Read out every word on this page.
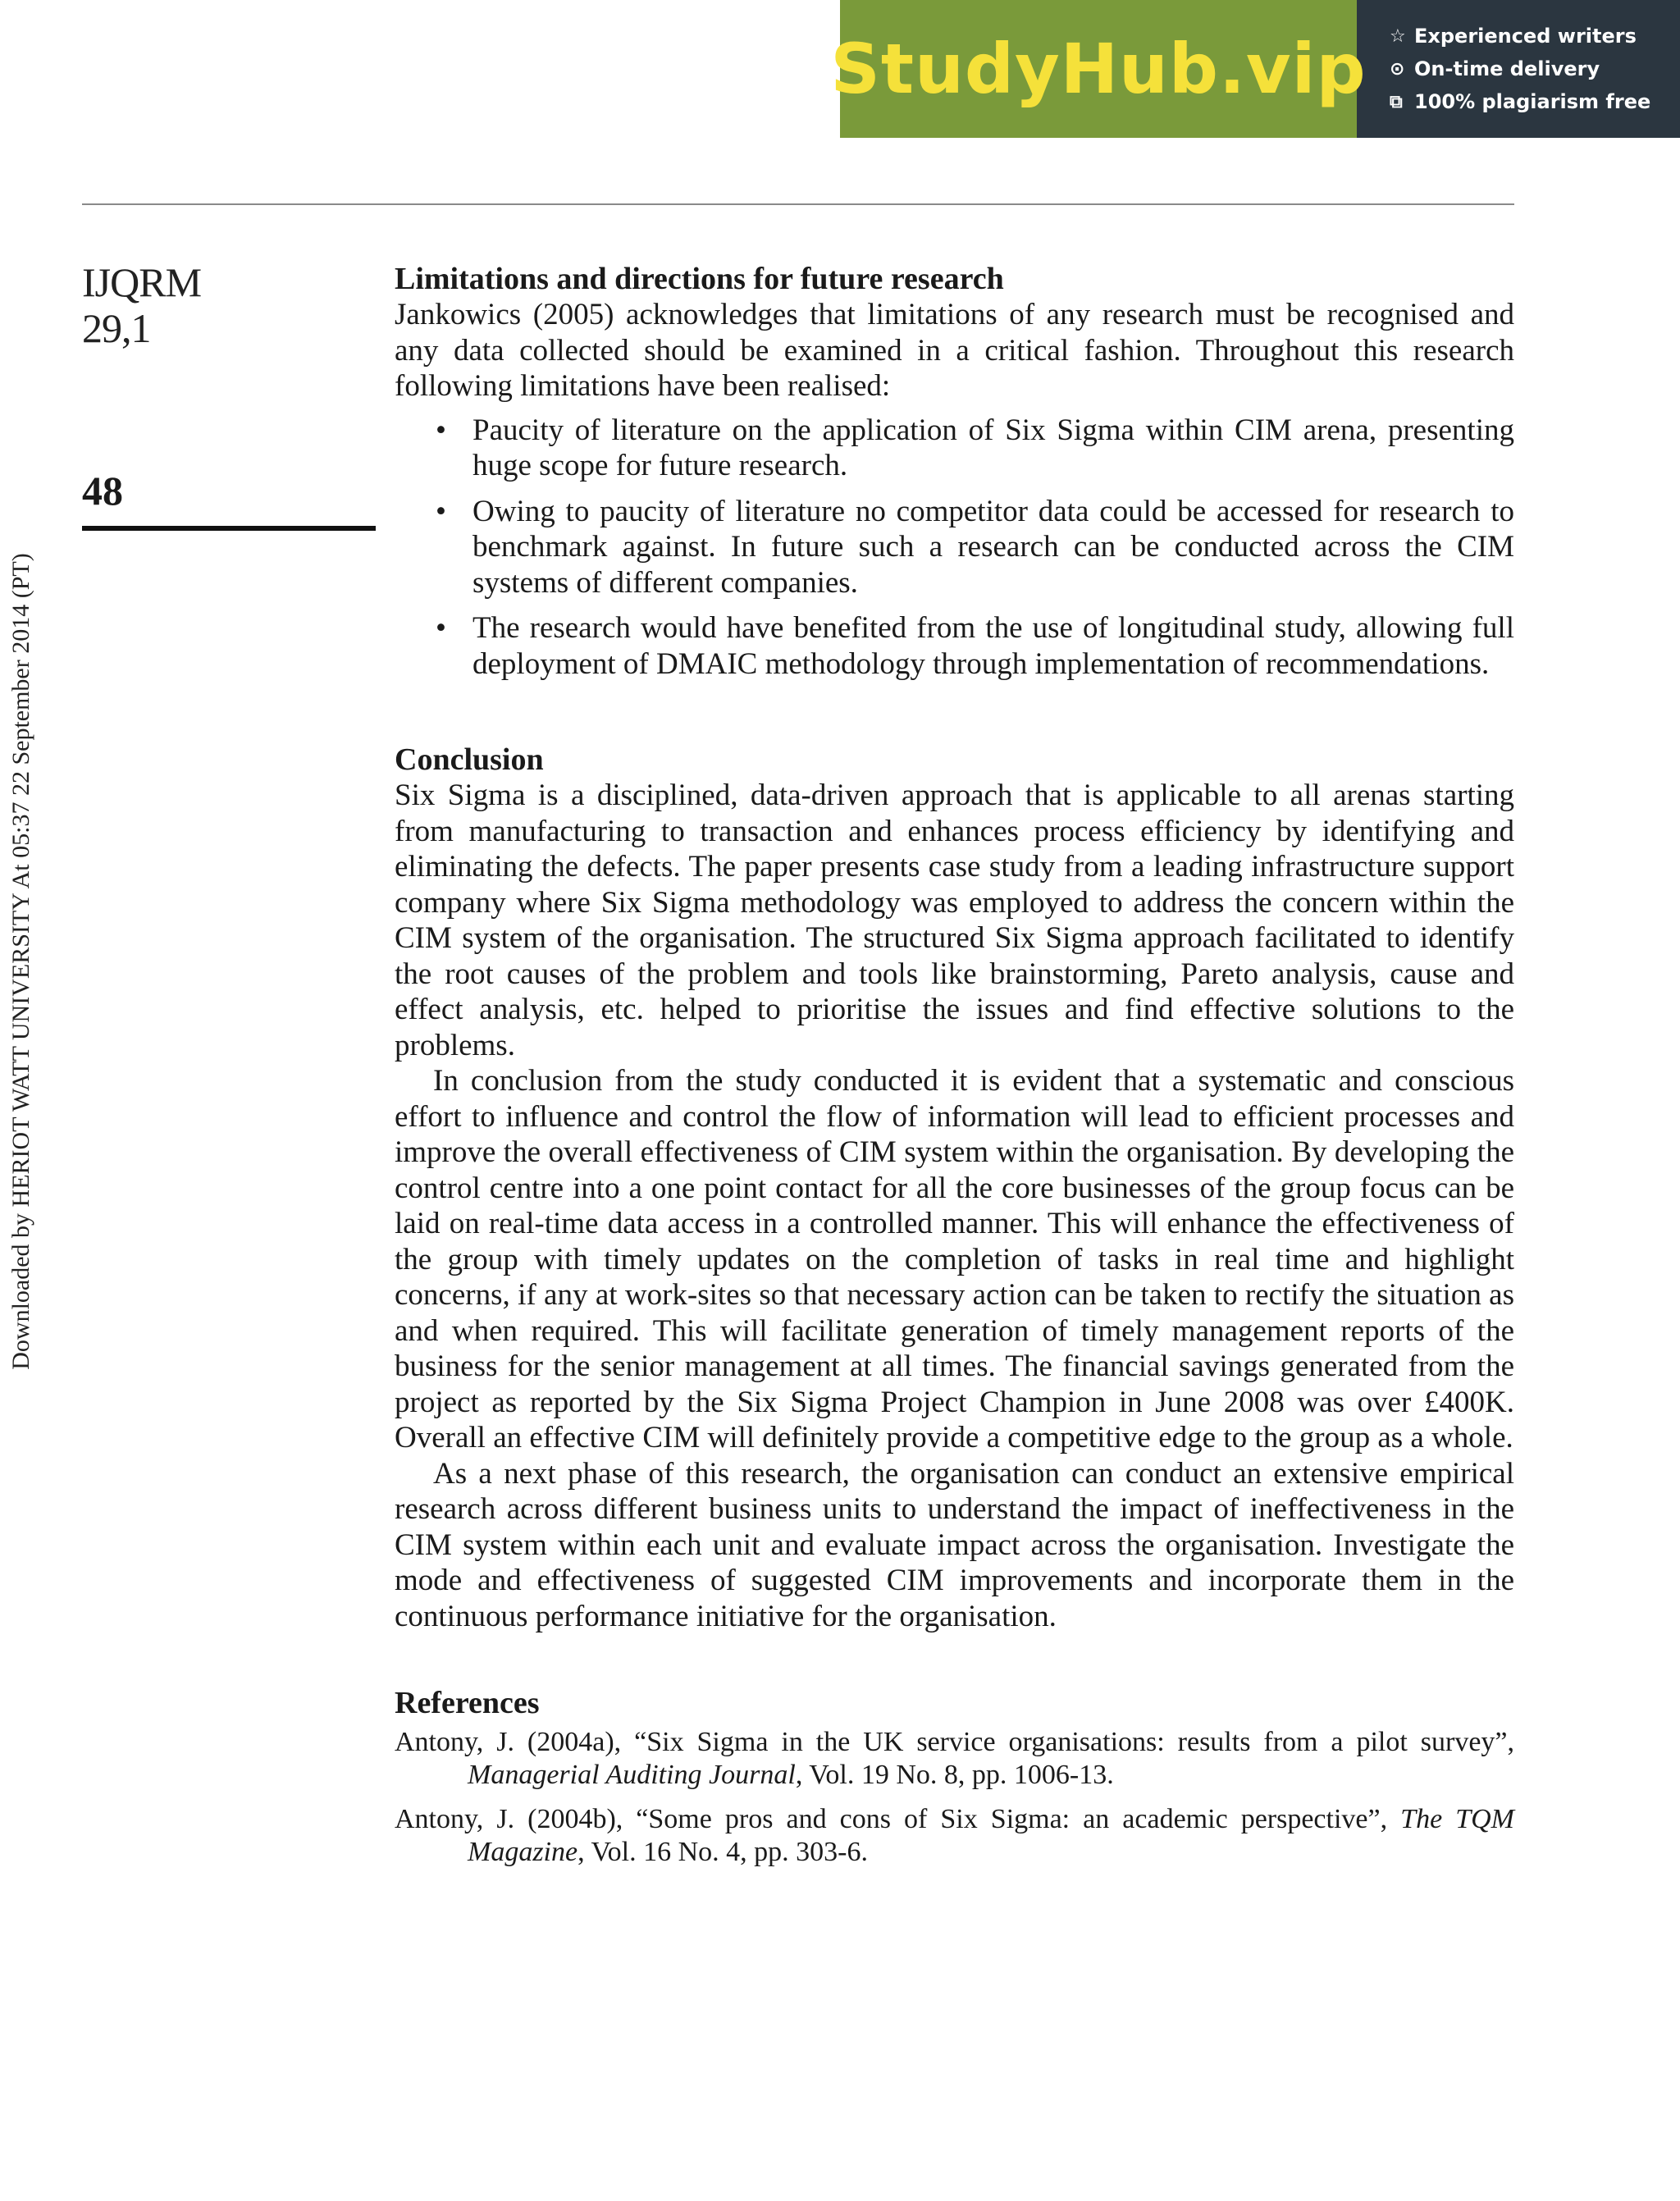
StudyHub.vip ☆ Experienced writers
⊙ On-time delivery
⧉ 100% plagiarism free
IJQRM
29,1
48
Downloaded by HERIOT WATT UNIVERSITY At 05:37 22 September 2014 (PT)
Limitations and directions for future research

Jankowics (2005) acknowledges that limitations of any research must be recognised and any data collected should be examined in a critical fashion. Throughout this research following limitations have been realised:

• Paucity of literature on the application of Six Sigma within CIM arena, presenting huge scope for future research.
• Owing to paucity of literature no competitor data could be accessed for research to benchmark against. In future such a research can be conducted across the CIM systems of different companies.
• The research would have benefited from the use of longitudinal study, allowing full deployment of DMAIC methodology through implementation of recommendations.
Conclusion

Six Sigma is a disciplined, data-driven approach that is applicable to all arenas starting from manufacturing to transaction and enhances process efficiency by identifying and eliminating the defects. The paper presents case study from a leading infrastructure support company where Six Sigma methodology was employed to address the concern within the CIM system of the organisation. The structured Six Sigma approach facilitated to identify the root causes of the problem and tools like brainstorming, Pareto analysis, cause and effect analysis, etc. helped to prioritise the issues and find effective solutions to the problems.

In conclusion from the study conducted it is evident that a systematic and conscious effort to influence and control the flow of information will lead to efficient processes and improve the overall effectiveness of CIM system within the organisation. By developing the control centre into a one point contact for all the core businesses of the group focus can be laid on real-time data access in a controlled manner. This will enhance the effectiveness of the group with timely updates on the completion of tasks in real time and highlight concerns, if any at work-sites so that necessary action can be taken to rectify the situation as and when required. This will facilitate generation of timely management reports of the business for the senior management at all times. The financial savings generated from the project as reported by the Six Sigma Project Champion in June 2008 was over £400K. Overall an effective CIM will definitely provide a competitive edge to the group as a whole.

As a next phase of this research, the organisation can conduct an extensive empirical research across different business units to understand the impact of ineffectiveness in the CIM system within each unit and evaluate impact across the organisation. Investigate the mode and effectiveness of suggested CIM improvements and incorporate them in the continuous performance initiative for the organisation.

References

Antony, J. (2004a), “Six Sigma in the UK service organisations: results from a pilot survey”, Managerial Auditing Journal, Vol. 19 No. 8, pp. 1006-13.

Antony, J. (2004b), “Some pros and cons of Six Sigma: an academic perspective”, The TQM Magazine, Vol. 16 No. 4, pp. 303-6.
